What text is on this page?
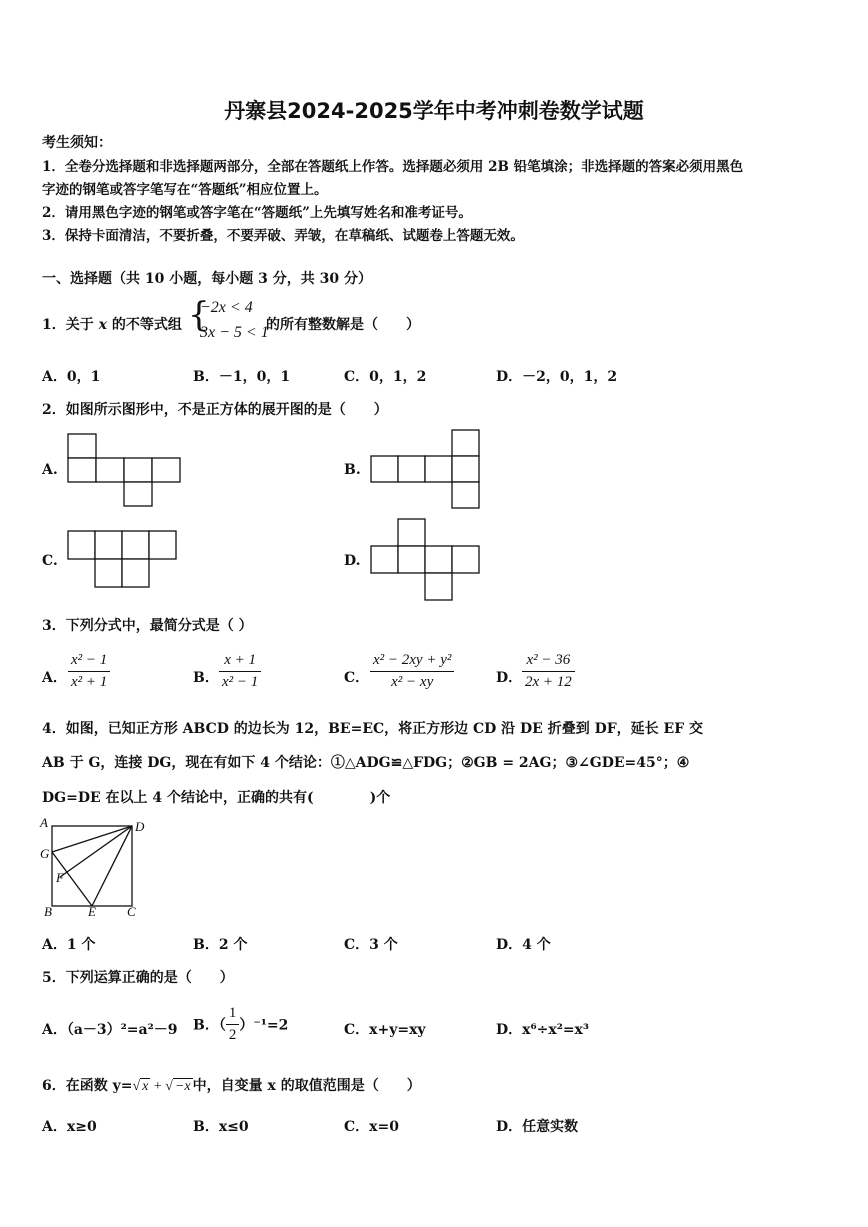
丹寨县2024-2025学年中考冲刺卷数学试题
考生须知：
1．全卷分选择题和非选择题两部分，全部在答题纸上作答。选择题必须用 2B 铅笔填涂；非选择题的答案必须用黑色
字迹的钢笔或答字笔写在“答题纸”相应位置上。
2．请用黑色字迹的钢笔或答字笔在“答题纸”上先填写姓名和准考证号。
3．保持卡面清洁，不要折叠，不要弄破、弄皱，在草稿纸、试题卷上答题无效。
一、选择题（共 10 小题，每小题 3 分，共 30 分）
1．关于 x 的不等式组 {
−2x < 4
3x − 5 < 1
的所有整数解是（　　）
A．0，1	B．－1，0，1	C．0，1，2	D．－2，0，1，2
2．如图所示图形中，不是正方体的展开图的是（　　）
A.	B.
C.	D.
3．下列分式中，最简分式是（ ）
A． $\frac{\text{x² − 1}}{\text{x² + 1}}$	B． $\frac{x + 1}{\text{x² − 1}}$	C． $\frac{\text{x² − 2xy + y²}}{\text{x² − xy}}$	D． $\frac{\text{x² − 36}}{2x + 12}$
4．如图，已知正方形 ABCD 的边长为 12，BE=EC，将正方形边 CD 沿 DE 折叠到 DF，延长 EF 交
AB 于 G，连接 DG，现在有如下 4 个结论：①△ADG≌△FDG；②GB = 2AG；③∠GDE=45°；④
DG=DE 在以上 4 个结论中，正确的共有(　　　　)个
A	D
G
F
B	E C
A．1 个	B．2 个	C．3 个	D．4 个
5．下列运算正确的是（　　）
A．（a－3）²=a²－9 B．（ $\frac{1}{2} )^{-1}=2$	C．x+y=xy	D．x⁶÷x²=x³
6．在函数 y=√ x + √ −x 中，自变量 x 的取值范围是（　　）
A．x≥0	B．x≤0	C．x=0	D．任意实数
